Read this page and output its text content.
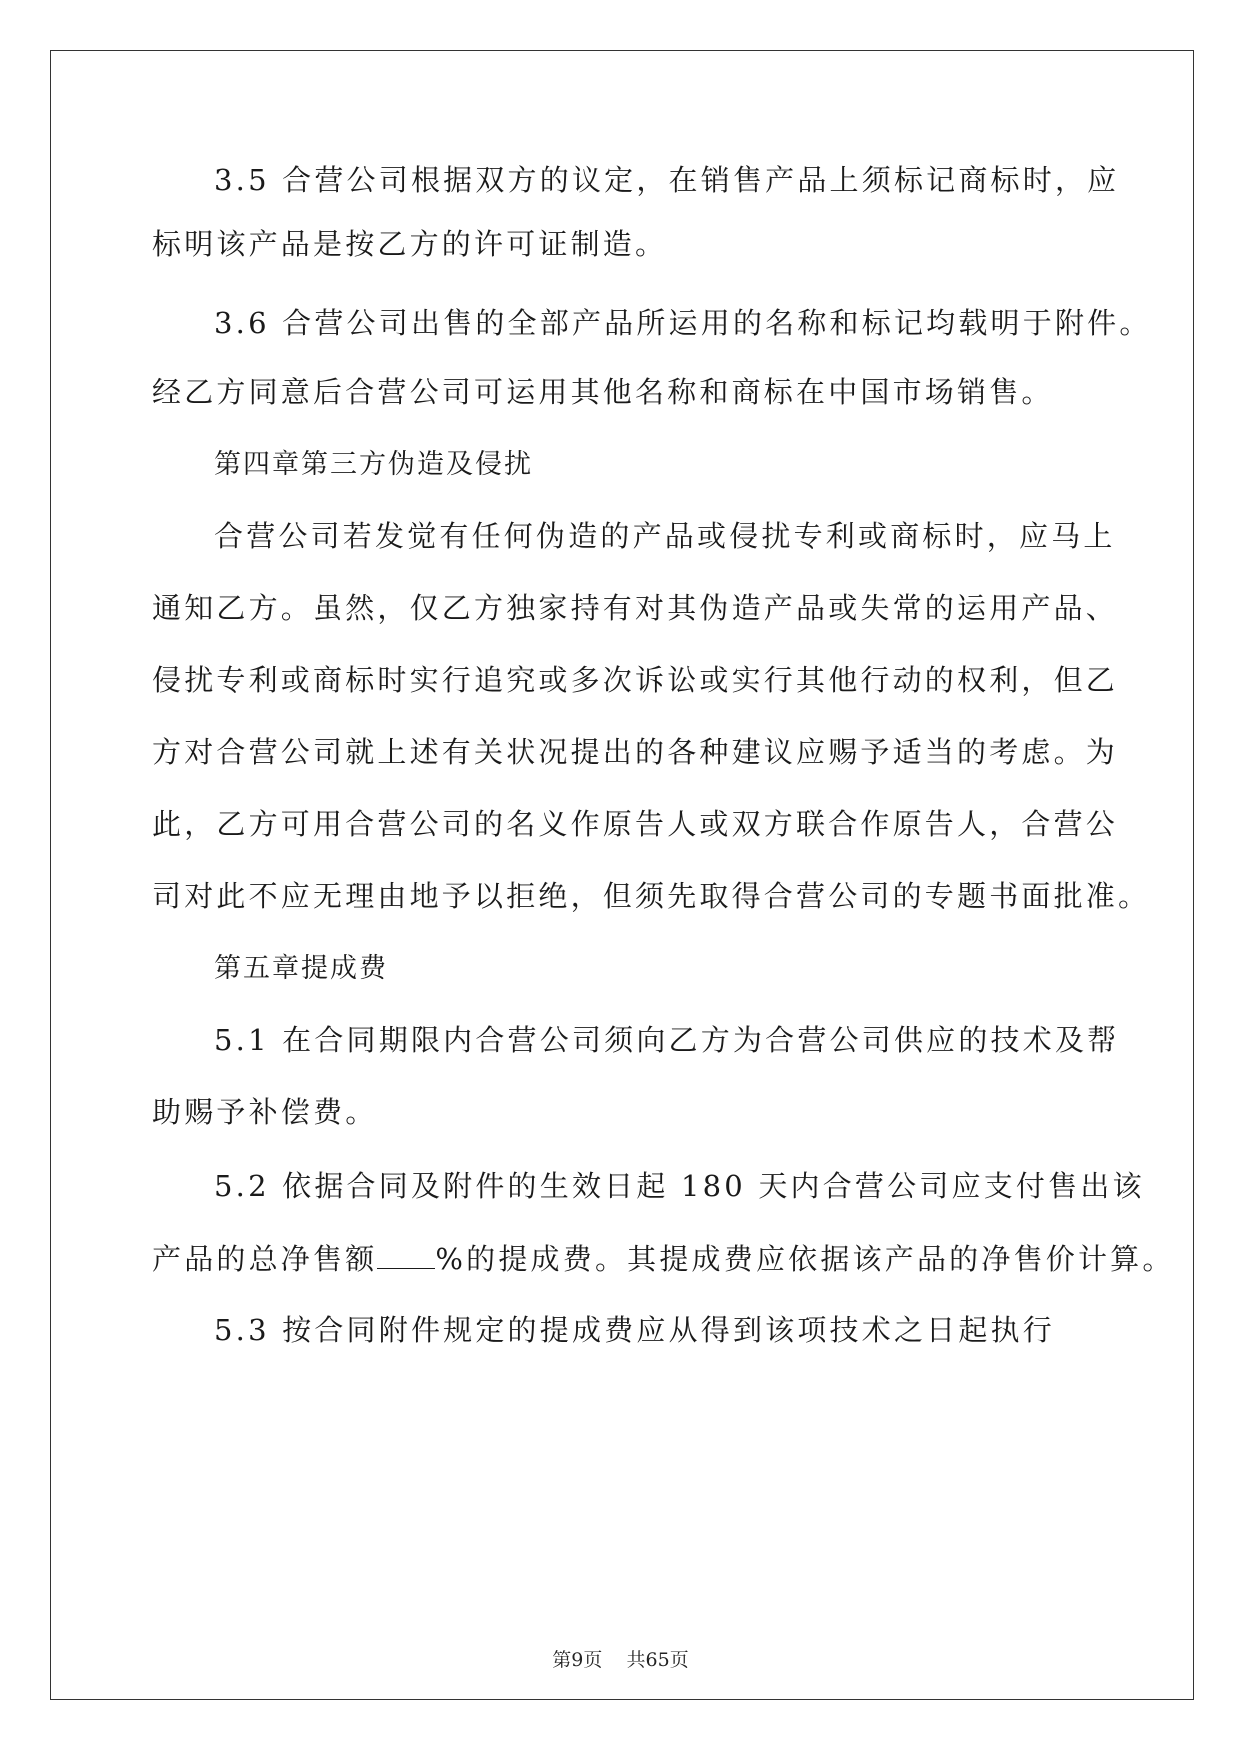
3.5 合营公司根据双方的议定，在销售产品上须标记商标时，应
标明该产品是按乙方的许可证制造。
3.6 合营公司出售的全部产品所运用的名称和标记均载明于附件。
经乙方同意后合营公司可运用其他名称和商标在中国市场销售。
第四章第三方伪造及侵扰
合营公司若发觉有任何伪造的产品或侵扰专利或商标时，应马上
通知乙方。虽然，仅乙方独家持有对其伪造产品或失常的运用产品、
侵扰专利或商标时实行追究或多次诉讼或实行其他行动的权利，但乙
方对合营公司就上述有关状况提出的各种建议应赐予适当的考虑。为
此，乙方可用合营公司的名义作原告人或双方联合作原告人，合营公
司对此不应无理由地予以拒绝，但须先取得合营公司的专题书面批准。
第五章提成费
5.1 在合同期限内合营公司须向乙方为合营公司供应的技术及帮
助赐予补偿费。
5.2 依据合同及附件的生效日起 180 天内合营公司应支付售出该
产品的总净售额 %的提成费。其提成费应依据该产品的净售价计算。
5.3 按合同附件规定的提成费应从得到该项技术之日起执行
第9页 共65页
